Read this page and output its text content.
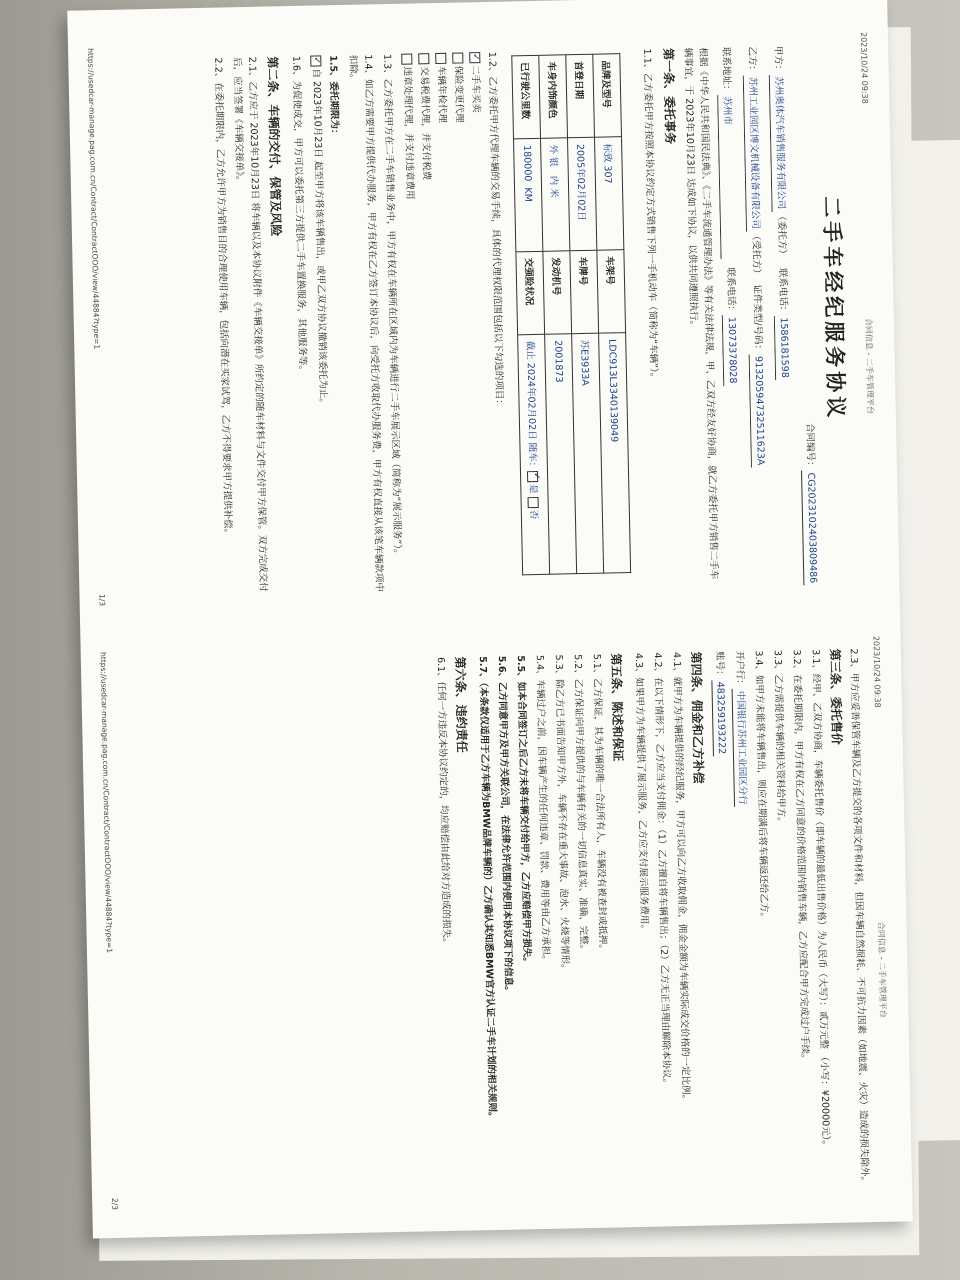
2023/10/24 09:38
合同信息 - 二手车管理平台
二手车经纪服务协议
合同编号：CG2023102403809486
甲方：苏州奥体汽车销售服务有限公司（委托方）   联系电话：1586181598
乙方：苏州工业园区博文机械设备有限公司（受托方）  证件类型/号码：91320594732511623A
联系地址：苏州市   联系电话：13073378028
根据《中华人民共和国民法典》、《二手车流通管理办法》等有关法律法规，甲、乙双方经友好协商，就乙方委托甲方销售二手车辆事宜，于 2023年10月23日 达成如下协议，以供共同遵照执行。
第一条、委托事务
1.1、乙方委托甲方按照本协议约定方式销售下列一手机动车（简称为“车辆”）。
品牌及型号	标致 307	车架号	LDC913L3340139049
首登日期	2005年02月02日	车牌号	苏E3933A
车身内饰颜色	外 银   内 米	发动机号	2001873
已行驶公里数	180000  KM	交强险状况	截止 2024年02月02日 随车：✓是 否
1.2、乙方委托甲方代理车辆的交易手续，具体的代理权限范围包括以下勾选的项目：
✓二手车买卖
保险变更代理
车辆年检代理
交易税费代理，并支付税费
违章处理代理，并支付违章费用
1.3、乙方委托甲方在二手车销售业务中，甲方有权在车辆所在区域内为车辆进行二手车展示区域（简称为“展示服务”）。
1.4、如乙方需要甲方提供代办服务，甲方有权在乙方签订本协议后，向受托方收取代办服务费，甲方有权直接从该笔车辆款项中扣除。
1.5、委托期限为：
✓自 2023年10月23日 起至甲方将该车辆售出，或甲乙双方协议撤销该委托为止。
1.6、为促使成交，甲方可以委托第三方提供二手车置换服务，其他服务等。
第二条、车辆的交付、保管及风险
2.1、乙方应于 2023年10月23日 将车辆以及本协议附件《车辆交接单》所约定的随车材料与文件交付甲方保管。双方完成交付后，应当签署《车辆交接单》。
2.2、在委托期限内，乙方允许甲方为销售目的合理使用车辆，包括向潜在买家试驾，乙方不得要求甲方提供补偿。
https://usedcar-manage.pag.com.cn/Contract/ContractOOO/view/44884?type=1
1/3
2023/10/24 09:38
合同信息 - 二手车管理平台
2.3、甲方应妥善保管车辆及乙方提交的各项文件和材料，但因车辆自然损耗、不可抗力因素（如地震、火灾）造成的损失除外。
第三条、委托售价
3.1、经甲、乙双方协商，车辆委托售价（即车辆的最低出售价格）为人民币（大写）：贰万元整 （小写：¥20000元）。
3.2、在委托期限内，甲方有权在乙方同意的价格范围内销售车辆，乙方应配合甲方完成过户手续。
3.3、乙方需提供车辆的相关资料给甲方。
3.4、如甲方未能将车辆售出，则应在期满后将车辆返还给乙方。
开户行：中国银行苏州工业园区分行
账号：483259193222
第四条、佣金和乙方补偿
4.1、就甲方为车辆提供的经纪服务，甲方可以向乙方收取佣金，佣金金额为车辆实际成交价格的一定比例。
4.2、在以下情形下，乙方应当支付佣金：（1）乙方擅自将车辆售出；（2）乙方无正当理由解除本协议。
4.3、如果甲方为车辆提供了展示服务，乙方应支付展示服务费用。
第五条、陈述和保证
5.1、乙方保证，其为车辆的唯一合法所有人，车辆没有被查封或抵押。
5.2、乙方保证向甲方提供的与车辆有关的一切信息真实、准确、完整。
5.3、除乙方已书面告知甲方外，车辆不存在重大事故、泡水、火烧等情形。
5.4、车辆过户之前，因车辆产生的任何违章、罚款、费用等由乙方承担。
5.5、如本合同签订之后乙方未将车辆交付给甲方，乙方应赔偿甲方损失。
5.6、乙方同意甲方及甲方关联公司，在法律允许范围内使用本协议项下的信息。
5.7、（本条款仅适用于乙方车辆为BMW品牌车辆的）乙方确认其知悉BMW官方认证二手车计划的相关规则。
第六条、违约责任
6.1、任何一方违反本协议约定的，均应赔偿由此给对方造成的损失。
https://usedcar-manage.pag.com.cn/Contract/ContractOOO/view/44884?type=1
2/3
